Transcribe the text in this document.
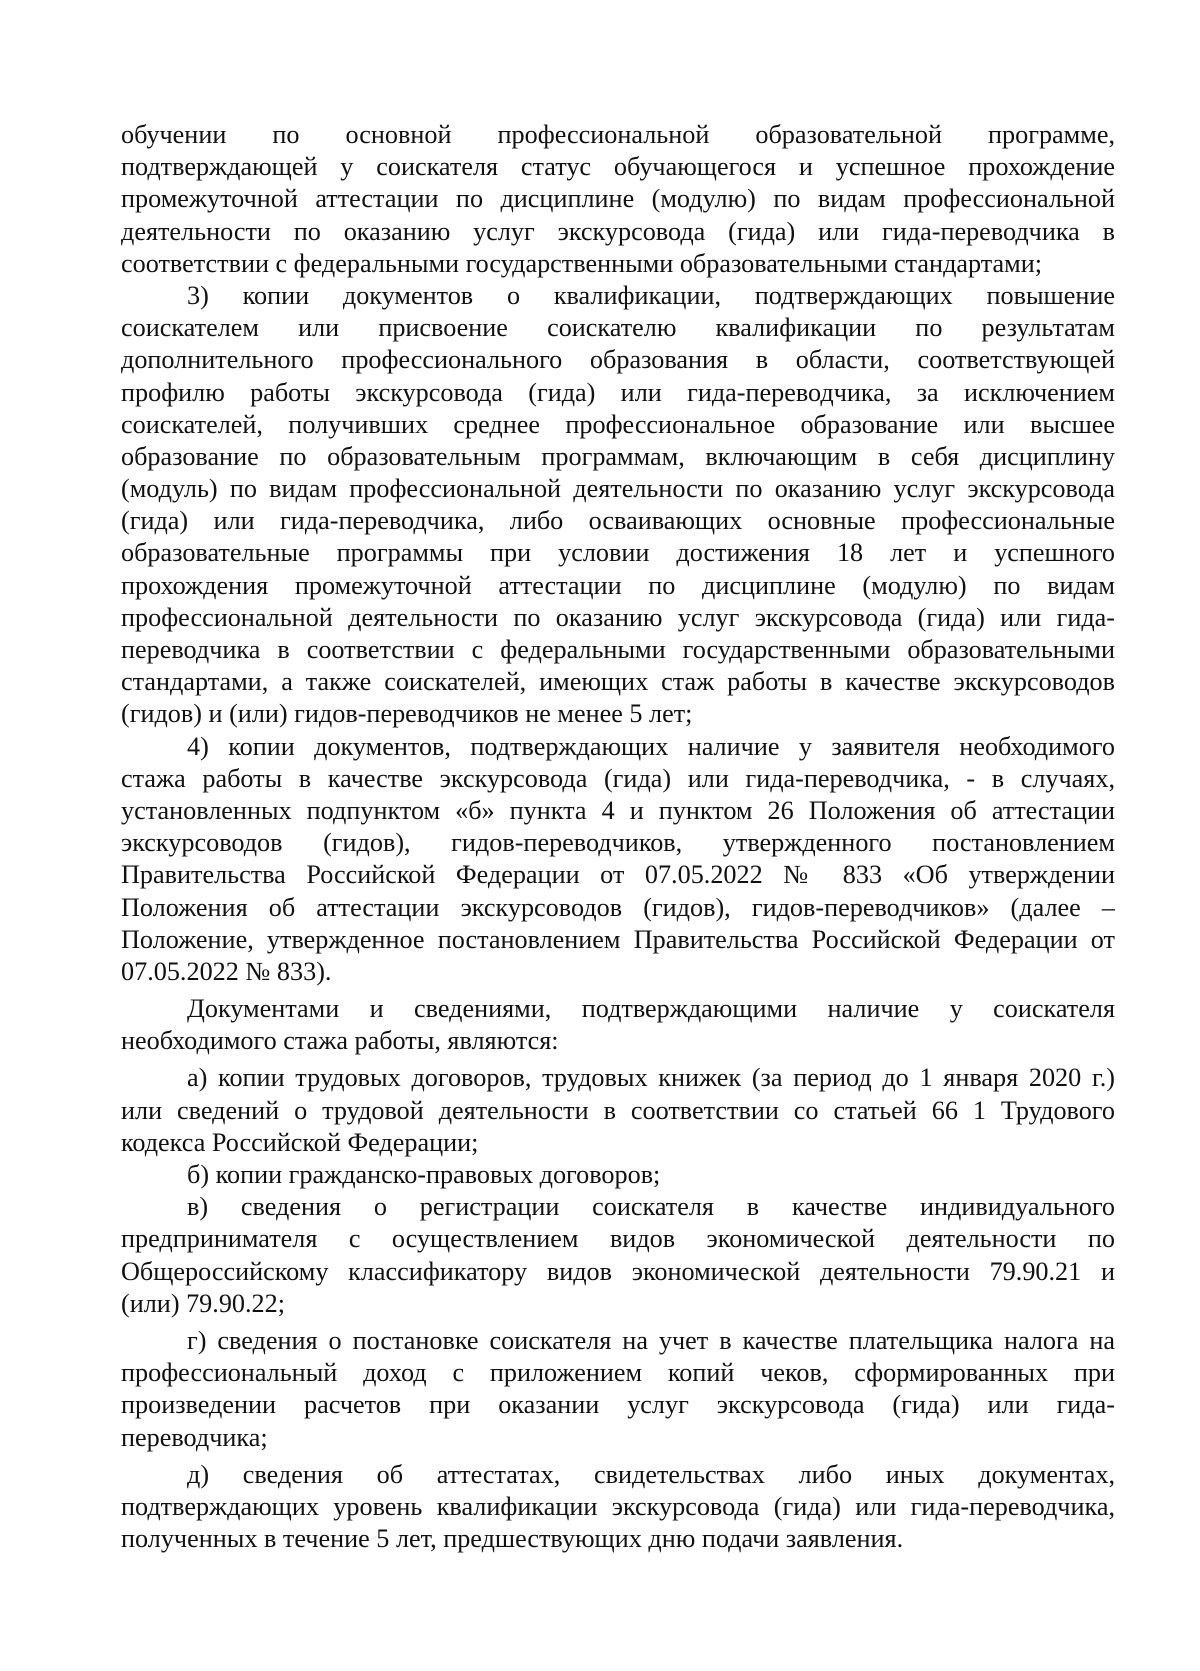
обучении по основной профессиональной образовательной программе,
подтверждающей у соискателя статус обучающегося и успешное прохождение
промежуточной аттестации по дисциплине (модулю) по видам профессиональной
деятельности по оказанию услуг экскурсовода (гида) или гида-переводчика в
соответствии с федеральными государственными образовательными стандартами;
3) копии документов о квалификации, подтверждающих повышение
соискателем или присвоение соискателю квалификации по результатам
дополнительного профессионального образования в области, соответствующей
профилю работы экскурсовода (гида) или гида-переводчика, за исключением
соискателей, получивших среднее профессиональное образование или высшее
образование по образовательным программам, включающим в себя дисциплину
(модуль) по видам профессиональной деятельности по оказанию услуг экскурсовода
(гида) или гида-переводчика, либо осваивающих основные профессиональные
образовательные программы при условии достижения 18 лет и успешного
прохождения промежуточной аттестации по дисциплине (модулю) по видам
профессиональной деятельности по оказанию услуг экскурсовода (гида) или гида-
переводчика в соответствии с федеральными государственными образовательными
стандартами, а также соискателей, имеющих стаж работы в качестве экскурсоводов
(гидов) и (или) гидов-переводчиков не менее 5 лет;
4) копии документов, подтверждающих наличие у заявителя необходимого
стажа работы в качестве экскурсовода (гида) или гида-переводчика, - в случаях,
установленных подпунктом «б» пункта 4 и пунктом 26 Положения об аттестации
экскурсоводов (гидов), гидов-переводчиков, утвержденного постановлением
Правительства Российской Федерации от 07.05.2022 № 833 «Об утверждении
Положения об аттестации экскурсоводов (гидов), гидов-переводчиков» (далее –
Положение, утвержденное постановлением Правительства Российской Федерации от
07.05.2022 № 833).
Документами и сведениями, подтверждающими наличие у соискателя
необходимого стажа работы, являются:
а) копии трудовых договоров, трудовых книжек (за период до 1 января 2020 г.)
или сведений о трудовой деятельности в соответствии со статьей 66 1 Трудового
кодекса Российской Федерации;
б) копии гражданско-правовых договоров;
в) сведения о регистрации соискателя в качестве индивидуального
предпринимателя с осуществлением видов экономической деятельности по
Общероссийскому классификатору видов экономической деятельности 79.90.21 и
(или) 79.90.22;
г) сведения о постановке соискателя на учет в качестве плательщика налога на
профессиональный доход с приложением копий чеков, сформированных при
произведении расчетов при оказании услуг экскурсовода (гида) или гида-
переводчика;
д) сведения об аттестатах, свидетельствах либо иных документах,
подтверждающих уровень квалификации экскурсовода (гида) или гида-переводчика,
полученных в течение 5 лет, предшествующих дню подачи заявления.
